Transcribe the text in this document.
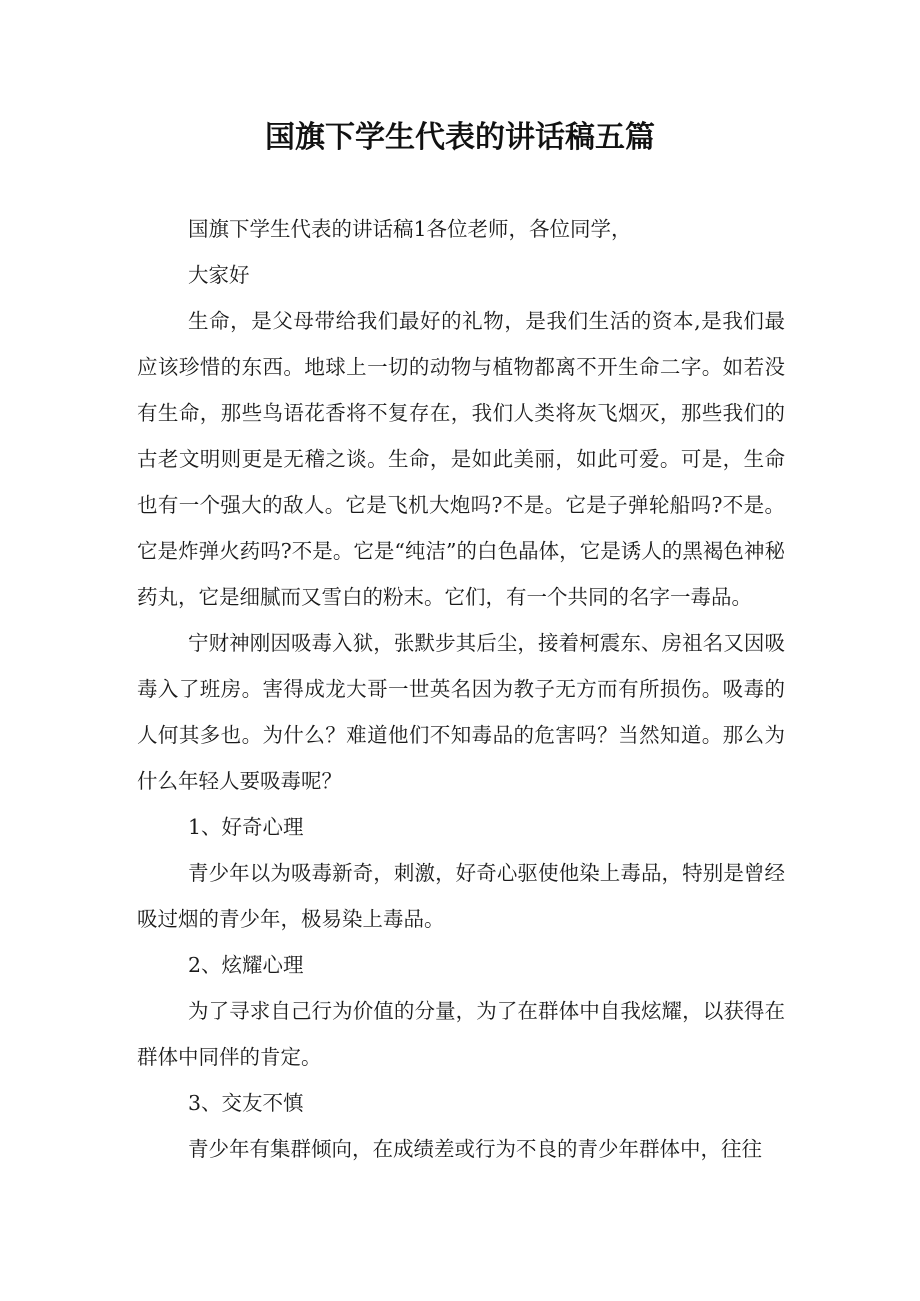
国旗下学生代表的讲话稿五篇

国旗下学生代表的讲话稿1各位老师，各位同学，

大家好

生命，是父母带给我们最好的礼物，是我们生活的资本,是我们最应该珍惜的东西。地球上一切的动物与植物都离不开生命二字。如若没有生命，那些鸟语花香将不复存在，我们人类将灰飞烟灭，那些我们的古老文明则更是无稽之谈。生命，是如此美丽，如此可爱。可是，生命也有一个强大的敌人。它是飞机大炮吗?不是。它是子弹轮船吗?不是。它是炸弹火药吗?不是。它是“纯洁”的白色晶体，它是诱人的黑褐色神秘药丸，它是细腻而又雪白的粉末。它们，有一个共同的名字一毒品。

宁财神刚因吸毒入狱，张默步其后尘，接着柯震东、房祖名又因吸毒入了班房。害得成龙大哥一世英名因为教子无方而有所损伤。吸毒的人何其多也。为什么？难道他们不知毒品的危害吗？当然知道。那么为什么年轻人要吸毒呢？

1、好奇心理

青少年以为吸毒新奇，刺激，好奇心驱使他染上毒品，特别是曾经吸过烟的青少年，极易染上毒品。

2、炫耀心理

为了寻求自己行为价值的分量，为了在群体中自我炫耀，以获得在群体中同伴的肯定。

3、交友不慎

青少年有集群倾向，在成绩差或行为不良的青少年群体中，往往
